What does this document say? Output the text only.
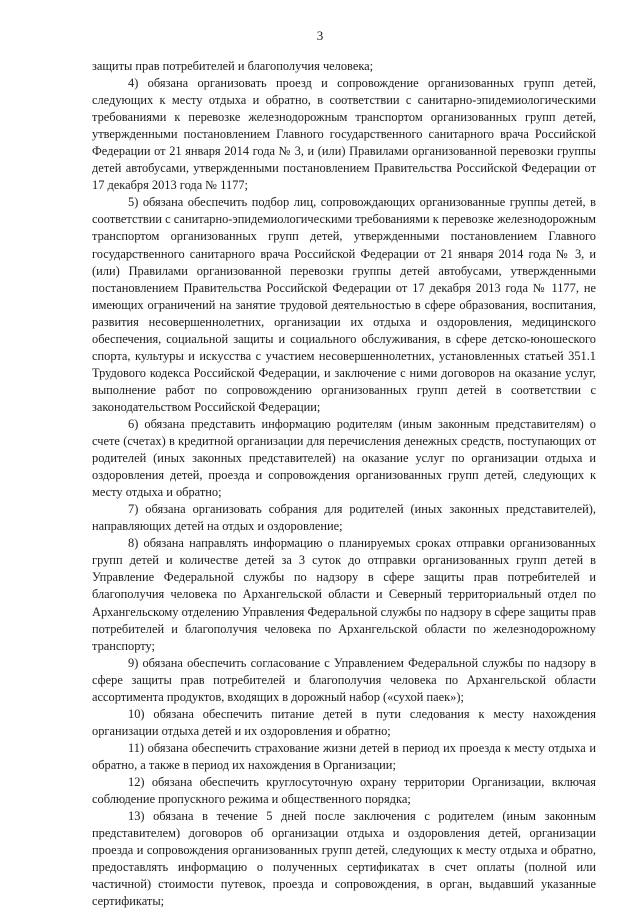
3

защиты прав потребителей и благополучия человека;

4) обязана организовать проезд и сопровождение организованных групп детей, следующих к месту отдыха и обратно, в соответствии с санитарно-эпидемиологическими требованиями к перевозке железнодорожным транспортом организованных групп детей, утвержденными постановлением Главного государственного санитарного врача Российской Федерации от 21 января 2014 года № 3, и (или) Правилами организованной перевозки группы детей автобусами, утвержденными постановлением Правительства Российской Федерации от 17 декабря 2013 года № 1177;

5) обязана обеспечить подбор лиц, сопровождающих организованные группы детей, в соответствии с санитарно-эпидемиологическими требованиями к перевозке железнодорожным транспортом организованных групп детей, утвержденными постановлением Главного государственного санитарного врача Российской Федерации от 21 января 2014 года № 3, и (или) Правилами организованной перевозки группы детей автобусами, утвержденными постановлением Правительства Российской Федерации от 17 декабря 2013 года № 1177, не имеющих ограничений на занятие трудовой деятельностью в сфере образования, воспитания, развития несовершеннолетних, организации их отдыха и оздоровления, медицинского обеспечения, социальной защиты и социального обслуживания, в сфере детско-юношеского спорта, культуры и искусства с участием несовершеннолетних, установленных статьей 351.1 Трудового кодекса Российской Федерации, и заключение с ними договоров на оказание услуг, выполнение работ по сопровождению организованных групп детей в соответствии с законодательством Российской Федерации;

6) обязана представить информацию родителям (иным законным представителям) о счете (счетах) в кредитной организации для перечисления денежных средств, поступающих от родителей (иных законных представителей) на оказание услуг по организации отдыха и оздоровления детей, проезда и сопровождения организованных групп детей, следующих к месту отдыха и обратно;

7) обязана организовать собрания для родителей (иных законных представителей), направляющих детей на отдых и оздоровление;

8) обязана направлять информацию о планируемых сроках отправки организованных групп детей и количестве детей за 3 суток до отправки организованных групп детей в Управление Федеральной службы по надзору в сфере защиты прав потребителей и благополучия человека по Архангельской области и Северный территориальный отдел по Архангельскому отделению Управления Федеральной службы по надзору в сфере защиты прав потребителей и благополучия человека по Архангельской области по железнодорожному транспорту;

9) обязана обеспечить согласование с Управлением Федеральной службы по надзору в сфере защиты прав потребителей и благополучия человека по Архангельской области ассортимента продуктов, входящих в дорожный набор («сухой паек»);

10) обязана обеспечить питание детей в пути следования к месту нахождения организации отдыха детей и их оздоровления и обратно;

11) обязана обеспечить страхование жизни детей в период их проезда к месту отдыха и обратно, а также в период их нахождения в Организации;

12) обязана обеспечить круглосуточную охрану территории Организации, включая соблюдение пропускного режима и общественного порядка;

13) обязана в течение 5 дней после заключения с родителем (иным законным представителем) договоров об организации отдыха и оздоровления детей, организации проезда и сопровождения организованных групп детей, следующих к месту отдыха и обратно, предоставлять информацию о полученных сертификатах в счет оплаты (полной или частичной) стоимости путевок, проезда и сопровождения, в орган, выдавший указанные сертификаты;
